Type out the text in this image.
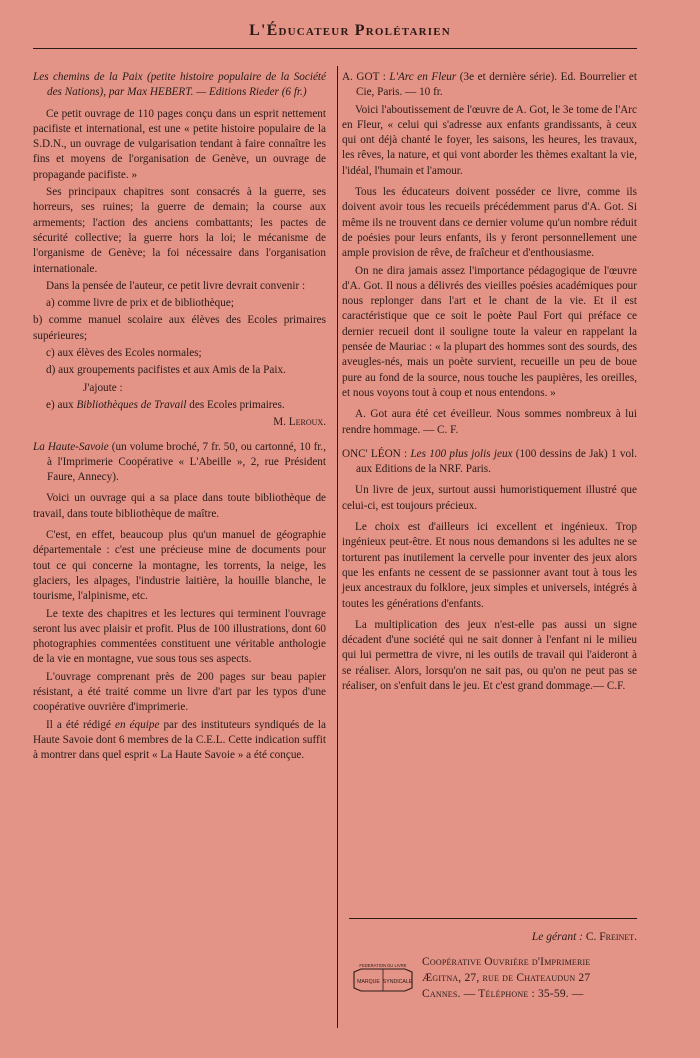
L'Éducateur Prolétarien

Les chemins de la Paix (petite histoire populaire de la Société des Nations), par Max HEBERT. — Editions Rieder (6 fr.)

Ce petit ouvrage de 110 pages conçu dans un esprit nettement pacifiste et international, est une « petite histoire populaire de la S.D.N., un ouvrage de vulgarisation tendant à faire connaître les fins et moyens de l'organisation de Genève, un ouvrage de propagande pacifiste. »

Ses principaux chapitres sont consacrés à la guerre, ses horreurs, ses ruines; la guerre de demain; la course aux armements; l'action des anciens combattants; les pactes de sécurité collective; la guerre hors la loi; le mécanisme de l'organisme de Genève; la foi nécessaire dans l'organisation internationale.

Dans la pensée de l'auteur, ce petit livre devrait convenir :

a) comme livre de prix et de bibliothèque;

b) comme manuel scolaire aux élèves des Ecoles primaires supérieures;

c) aux élèves des Ecoles normales;

d) aux groupements pacifistes et aux Amis de la Paix.

J'ajoute :

e) aux Bibliothèques de Travail des Ecoles primaires.

M. Leroux.

La Haute-Savoie (un volume broché, 7 fr. 50, ou cartonné, 10 fr., à l'Imprimerie Coopérative « L'Abeille », 2, rue Président Faure, Annecy).

Voici un ouvrage qui a sa place dans toute bibliothèque de travail, dans toute bibliothèque de maître.

C'est, en effet, beaucoup plus qu'un manuel de géographie départementale : c'est une précieuse mine de documents pour tout ce qui concerne la montagne, les torrents, la neige, les glaciers, les alpages, l'industrie laitière, la houille blanche, le tourisme, l'alpinisme, etc.

Le texte des chapitres et les lectures qui terminent l'ouvrage seront lus avec plaisir et profit. Plus de 100 illustrations, dont 60 photographies commentées constituent une véritable anthologie de la vie en montagne, vue sous tous ses aspects.

L'ouvrage comprenant près de 200 pages sur beau papier résistant, a été traité comme un livre d'art par les typos d'une coopérative ouvrière d'imprimerie.

Il a été rédigé en équipe par des instituteurs syndiqués de la Haute Savoie dont 6 membres de la C.E.L. Cette indication suffit à montrer dans quel esprit « La Haute Savoie » a été conçue.

A. GOT : L'Arc en Fleur (3e et dernière série). Ed. Bourrelier et Cie, Paris. — 10 fr.

Voici l'aboutissement de l'œuvre de A. Got, le 3e tome de l'Arc en Fleur, « celui qui s'adresse aux enfants grandissants, à ceux qui ont déjà chanté le foyer, les saisons, les heures, les travaux, les rêves, la nature, et qui vont aborder les thèmes exaltant la vie, l'idéal, l'humain et l'amour.

Tous les éducateurs doivent posséder ce livre, comme ils doivent avoir tous les recueils précédemment parus d'A. Got. Si même ils ne trouvent dans ce dernier volume qu'un nombre réduit de poésies pour leurs enfants, ils y feront personnellement une ample provision de rêve, de fraîcheur et d'enthousiasme.

On ne dira jamais assez l'importance pédagogique de l'œuvre d'A. Got. Il nous a délivrés des vieilles poésies académiques pour nous replonger dans l'art et le chant de la vie. Et il est caractéristique que ce soit le poète Paul Fort qui préface ce dernier recueil dont il souligne toute la valeur en rappelant la pensée de Mauriac : « la plupart des hommes sont des sourds, des aveugles-nés, mais un poète survient, recueille un peu de boue pure au fond de la source, nous touche les paupières, les oreilles, et nous voyons tout à coup et nous entendons. »

A. Got aura été cet éveilleur. Nous sommes nombreux à lui rendre hommage. — C. F.

ONC' LÉON : Les 100 plus jolis jeux (100 dessins de Jak) 1 vol. aux Editions de la NRF. Paris.

Un livre de jeux, surtout aussi humoristiquement illustré que celui-ci, est toujours précieux.

Le choix est d'ailleurs ici excellent et ingénieux. Trop ingénieux peut-être. Et nous nous demandons si les adultes ne se torturent pas inutilement la cervelle pour inventer des jeux alors que les enfants ne cessent de se passionner avant tout à tous les jeux ancestraux du folklore, jeux simples et universels, intégrés à toutes les générations d'enfants.

La multiplication des jeux n'est-elle pas aussi un signe décadent d'une société qui ne sait donner à l'enfant ni le milieu qui lui permettra de vivre, ni les outils de travail qui l'aideront à se réaliser. Alors, lorsqu'on ne sait pas, ou qu'on ne peut pas se réaliser, on s'enfuit dans le jeu. Et c'est grand dommage.— C.F.

Le gérant : C. Freinet.
FEDERATION DU LIVRE
MARQUE SYNDICALE
Coopérative Ouvrière d'Imprimerie
Ægitna, 27, rue de Chateaudun 27
Cannes. — Téléphone : 35-59. —
